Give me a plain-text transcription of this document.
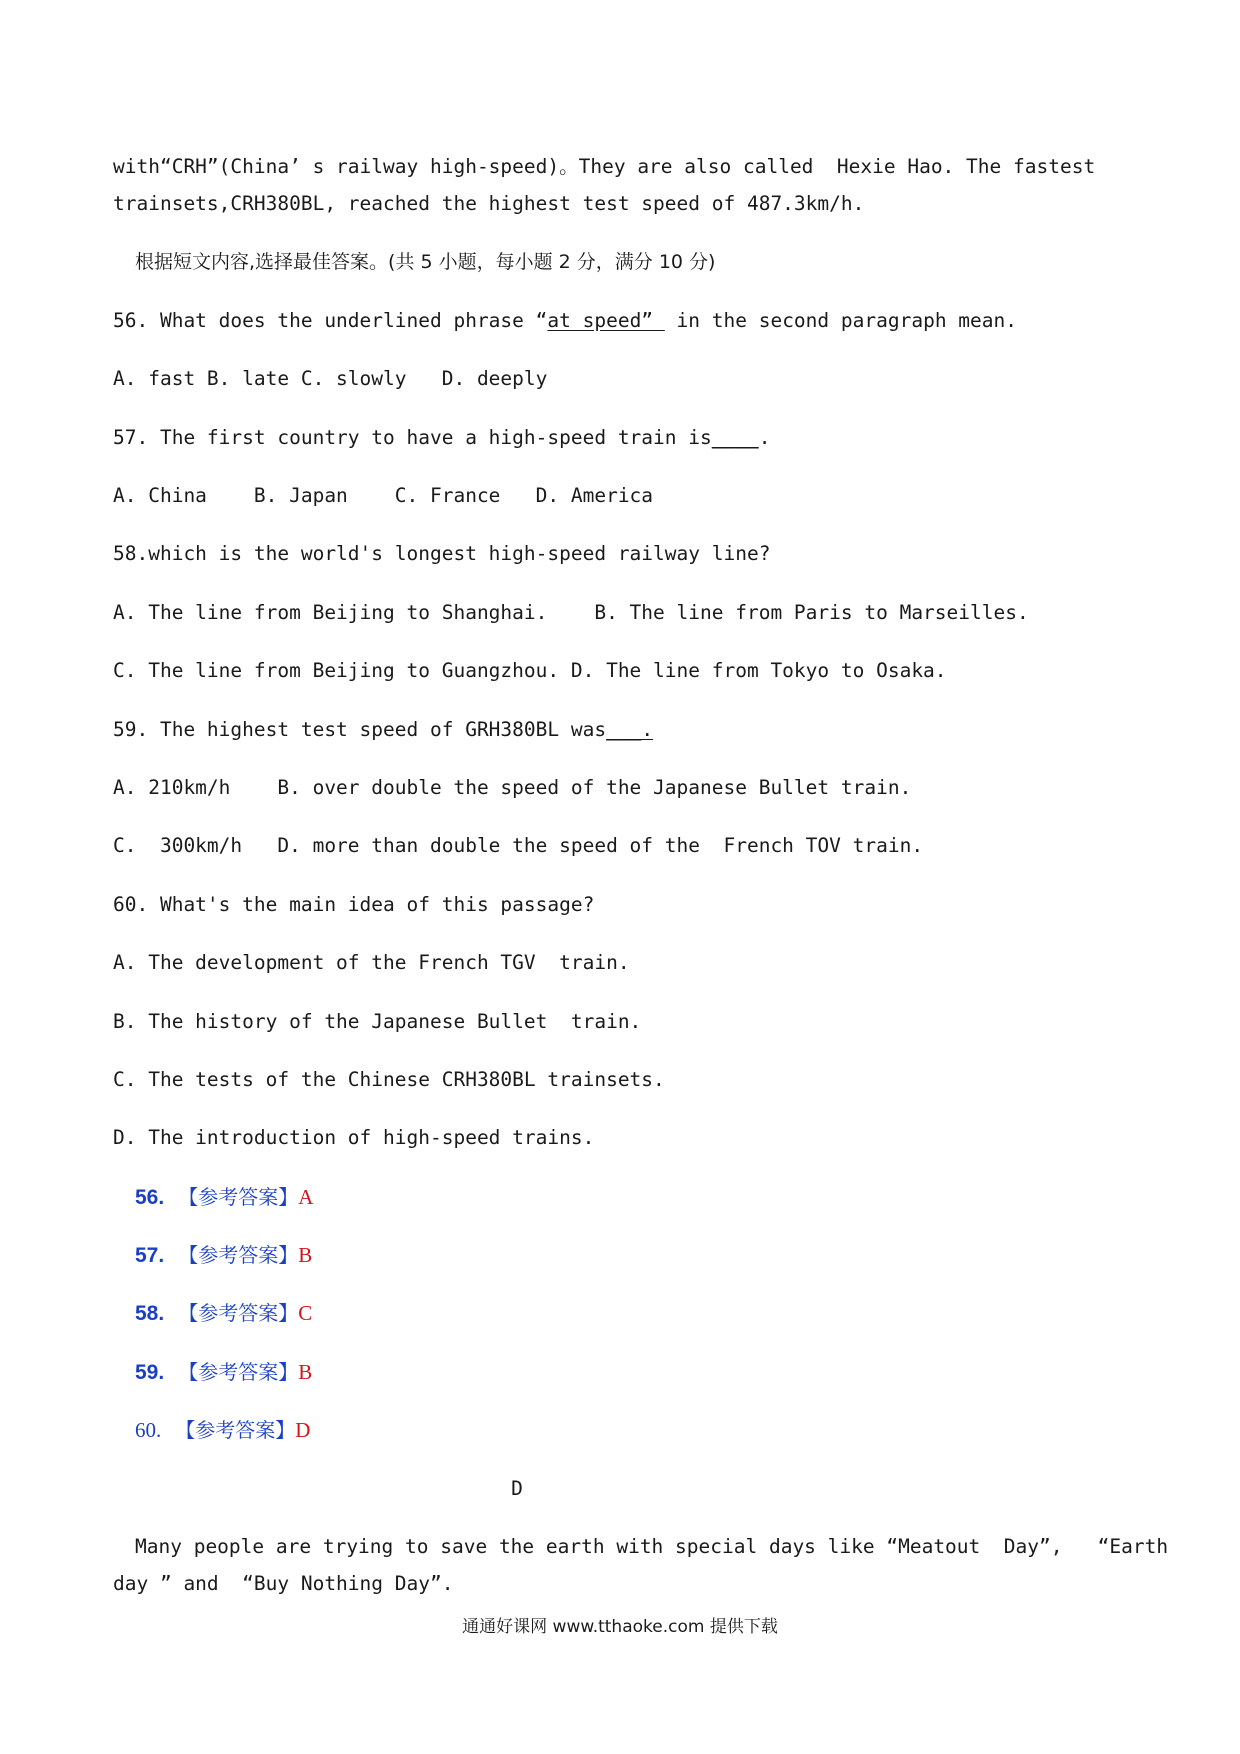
with“CRH”(China’ s railway high-speed)。They are also called  Hexie Hao. The fastest
trainsets,CRH380BL, reached the highest test speed of 487.3km/h.
根据短文内容,选择最佳答案。(共 5 小题，每小题 2 分，满分 10 分)
56. What does the underlined phrase “at speed”  in the second paragraph mean.
A. fast B. late C. slowly   D. deeply
57. The first country to have a high-speed train is____.
A. China    B. Japan    C. France   D. America
58.which is the world's longest high-speed railway line?
A. The line from Beijing to Shanghai.    B. The line from Paris to Marseilles.
C. The line from Beijing to Guangzhou. D. The line from Tokyo to Osaka.
59. The highest test speed of GRH380BL was___.
A. 210km/h    B. over double the speed of the Japanese Bullet train.
C.  300km/h   D. more than double the speed of the  French TOV train.
60. What's the main idea of this passage?
A. The development of the French TGV  train.
B. The history of the Japanese Bullet  train.
C. The tests of the Chinese CRH380BL trainsets.
D. The introduction of high-speed trains.
56. 【参考答案】A
57. 【参考答案】B
58. 【参考答案】C
59. 【参考答案】B
60. 【参考答案】D
D
Many people are trying to save the earth with special days like “Meatout  Day”,   “Earth
day ” and  “Buy Nothing Day”.
通通好课网 www.tthaoke.com 提供下载
